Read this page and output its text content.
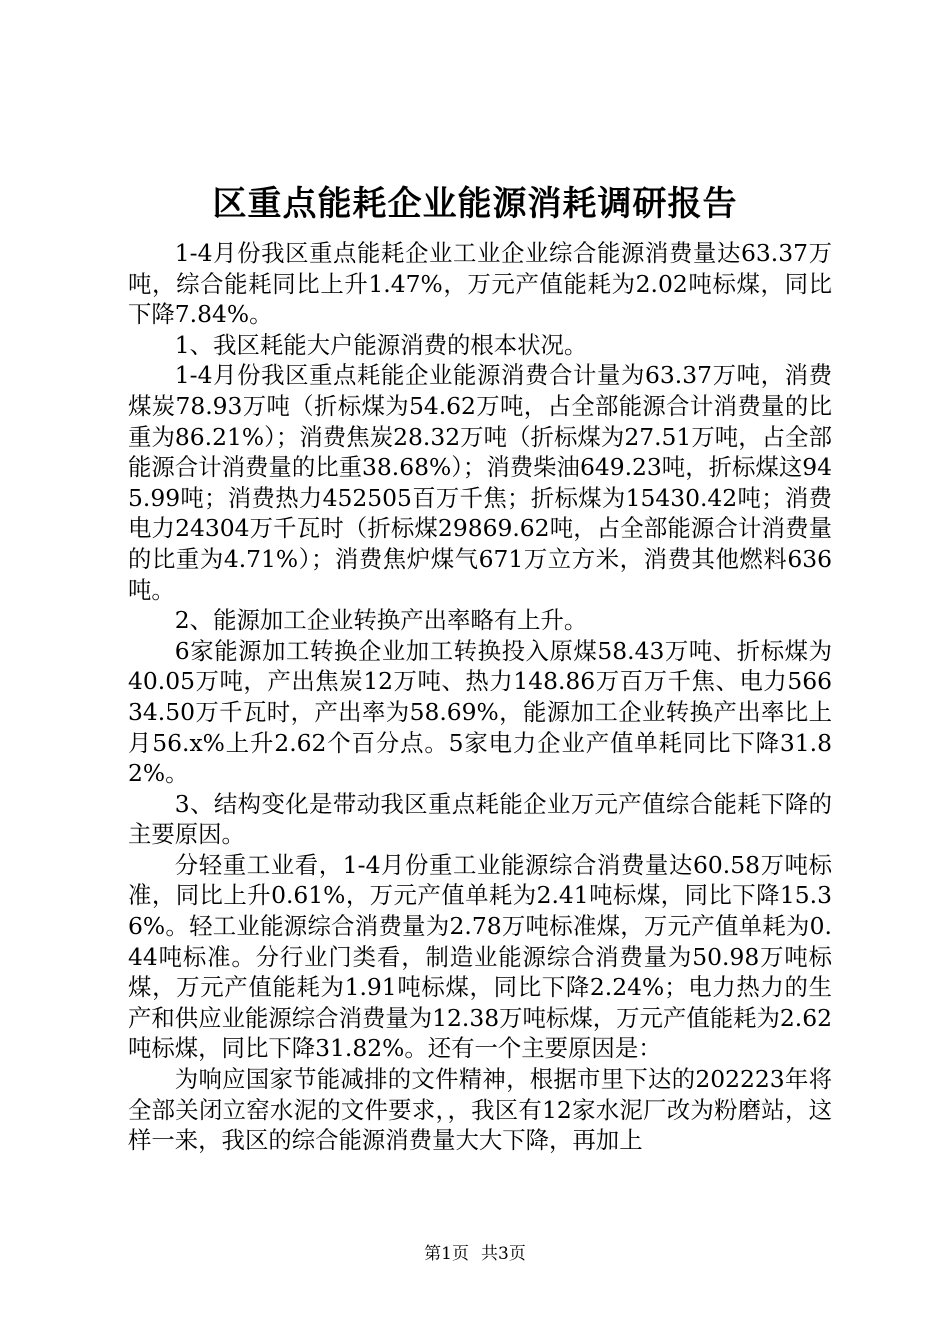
区重点能耗企业能源消耗调研报告

1-4月份我区重点能耗企业工业企业综合能源消费量达63.37万吨，综合能耗同比上升1.47%，万元产值能耗为2.02吨标煤，同比下降7.84%。

1、我区耗能大户能源消费的根本状况。

1-4月份我区重点耗能企业能源消费合计量为63.37万吨，消费煤炭78.93万吨（折标煤为54.62万吨，占全部能源合计消费量的比重为86.21%）；消费焦炭28.32万吨（折标煤为27.51万吨，占全部能源合计消费量的比重38.68%）；消费柴油649.23吨，折标煤这945.99吨；消费热力452505百万千焦；折标煤为15430.42吨；消费电力24304万千瓦时（折标煤29869.62吨，占全部能源合计消费量的比重为4.71%）；消费焦炉煤气671万立方米，消费其他燃料636吨。

2、能源加工企业转换产出率略有上升。

6家能源加工转换企业加工转换投入原煤58.43万吨、折标煤为40.05万吨，产出焦炭12万吨、热力148.86万百万千焦、电力56634.50万千瓦时，产出率为58.69%，能源加工企业转换产出率比上月56.x%上升2.62个百分点。5家电力企业产值单耗同比下降31.82%。

3、结构变化是带动我区重点耗能企业万元产值综合能耗下降的主要原因。

分轻重工业看，1-4月份重工业能源综合消费量达60.58万吨标准，同比上升0.61%，万元产值单耗为2.41吨标煤，同比下降15.36%。轻工业能源综合消费量为2.78万吨标准煤，万元产值单耗为0.44吨标准。分行业门类看，制造业能源综合消费量为50.98万吨标煤，万元产值能耗为1.91吨标煤，同比下降2.24%；电力热力的生产和供应业能源综合消费量为12.38万吨标煤，万元产值能耗为2.62吨标煤，同比下降31.82%。还有一个主要原因是：

为响应国家节能减排的文件精神，根据市里下达的202223年将全部关闭立窑水泥的文件要求，，我区有12家水泥厂改为粉磨站，这样一来，我区的综合能源消费量大大下降，再加上

第1页 共3页
